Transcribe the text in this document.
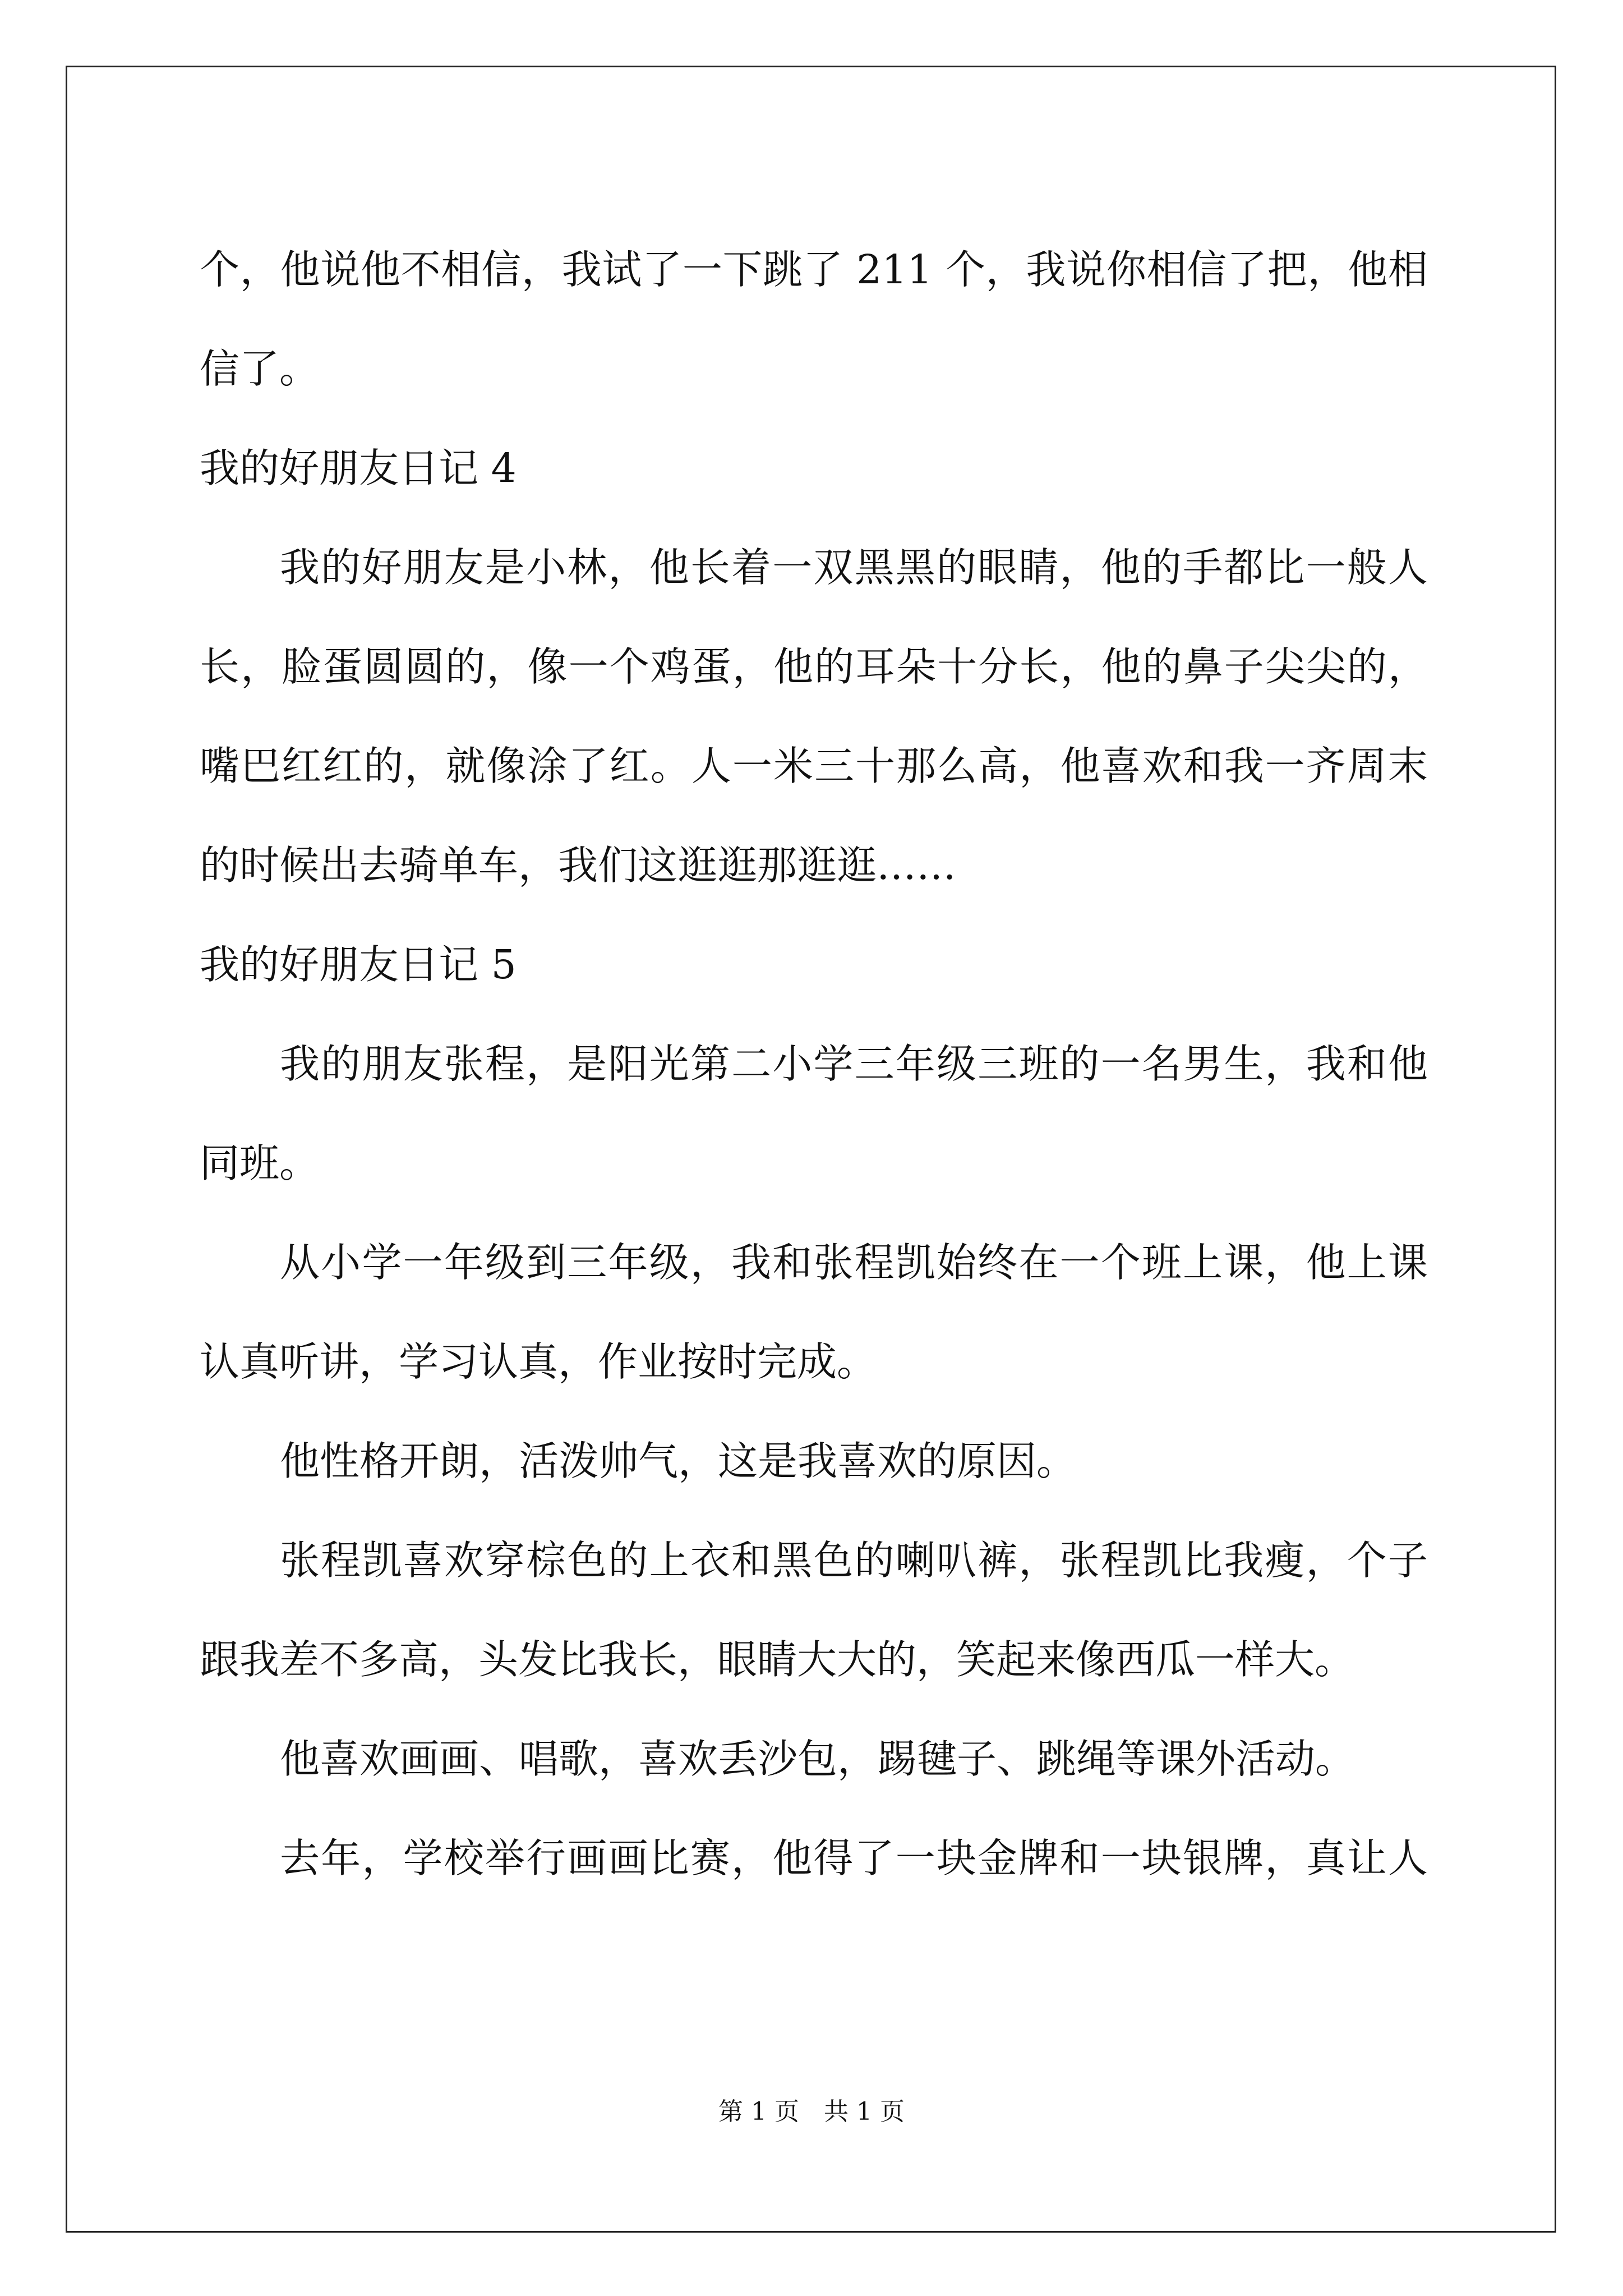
个，他说他不相信，我试了一下跳了 211 个，我说你相信了把，他相
信了。
我的好朋友日记 4
我的好朋友是小林，他长着一双黑黑的眼睛，他的手都比一般人
长，脸蛋圆圆的，像一个鸡蛋，他的耳朵十分长，他的鼻子尖尖的，
嘴巴红红的，就像涂了红。人一米三十那么高，他喜欢和我一齐周末
的时候出去骑单车，我们这逛逛那逛逛……
我的好朋友日记 5
我的朋友张程，是阳光第二小学三年级三班的一名男生，我和他
同班。
从小学一年级到三年级，我和张程凯始终在一个班上课，他上课
认真听讲，学习认真，作业按时完成。
他性格开朗，活泼帅气，这是我喜欢的原因。
张程凯喜欢穿棕色的上衣和黑色的喇叭裤，张程凯比我瘦，个子
跟我差不多高，头发比我长，眼睛大大的，笑起来像西瓜一样大。
他喜欢画画、唱歌，喜欢丢沙包，踢毽子、跳绳等课外活动。
去年，学校举行画画比赛，他得了一块金牌和一块银牌，真让人
第 1 页　共 1 页
